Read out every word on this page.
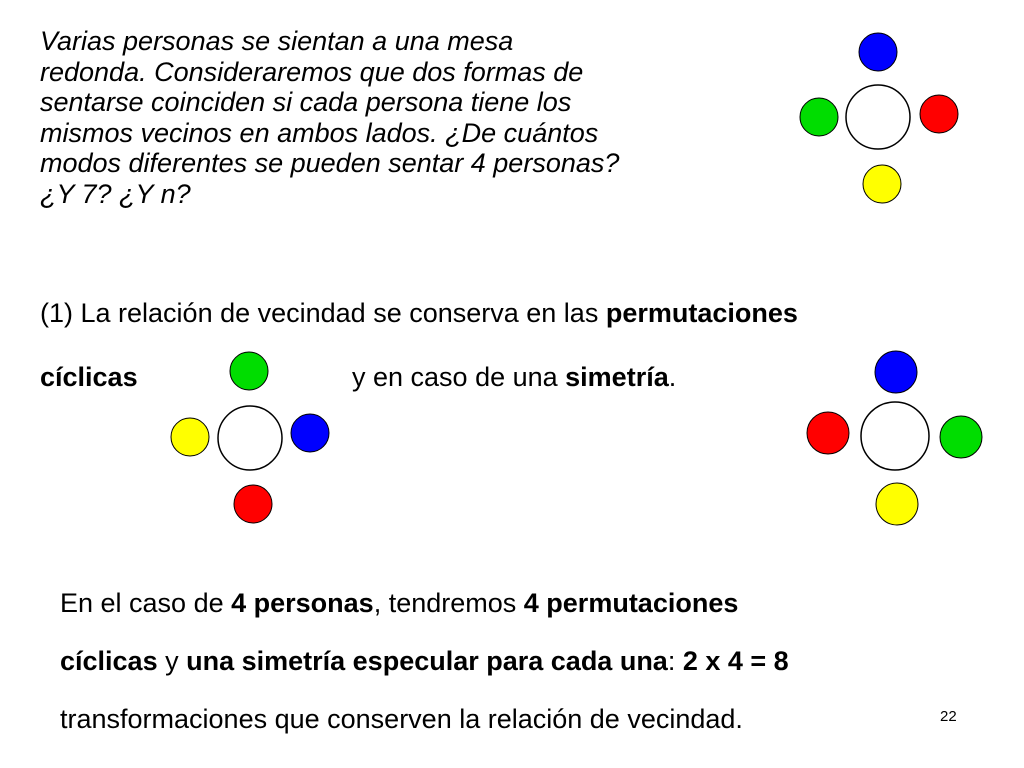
Varias personas se sientan a una mesa
redonda. Consideraremos que dos formas de
sentarse coinciden si cada persona tiene los
mismos vecinos en ambos lados. ¿De cuántos
modos diferentes se pueden sentar 4 personas?
¿Y 7? ¿Y n?
(1) La relación de vecindad se conserva en las permutaciones
cíclicas	y en caso de una simetría.
En el caso de 4 personas, tendremos 4 permutaciones
cíclicas y una simetría especular para cada una: 2 x 4 = 8
transformaciones que conserven la relación de vecindad.	22
